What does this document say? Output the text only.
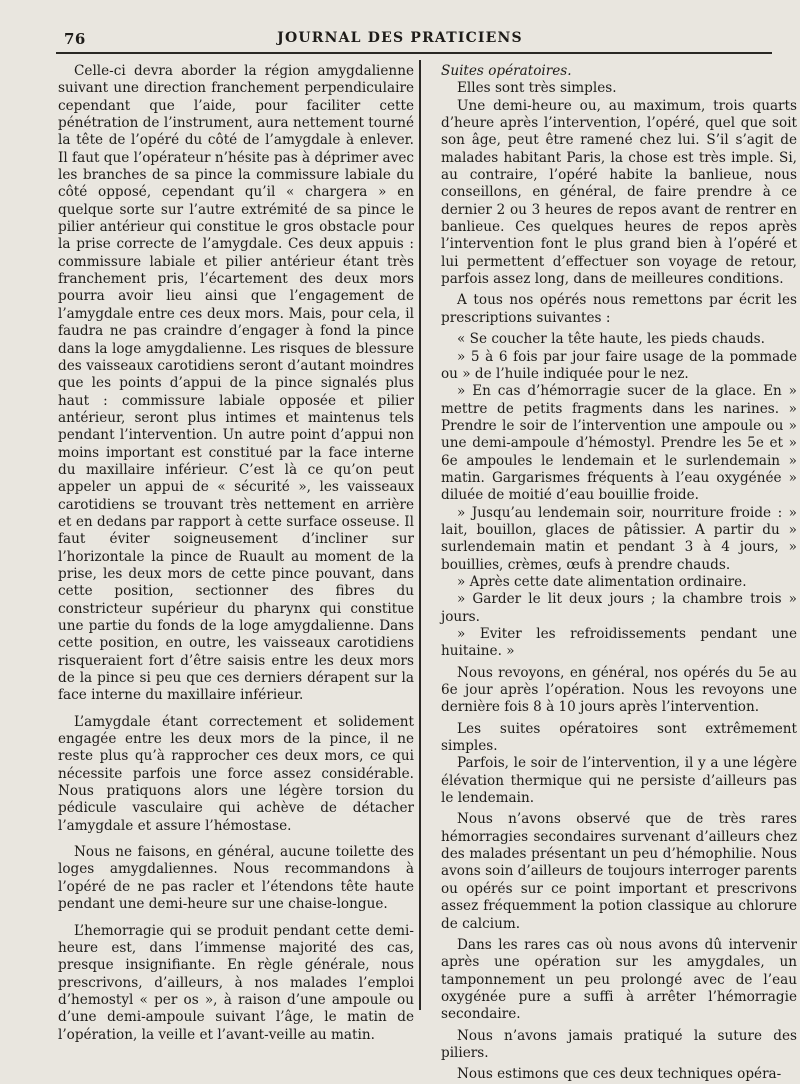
76	JOURNAL DES PRATICIENS

Celle-ci devra aborder la région amygdalienne suivant une direction franchement perpendiculaire cependant que l’aide, pour faciliter cette pénétration de l’instrument, aura nettement tourné la tête de l’opéré du côté de l’amygdale à enlever. Il faut que l’opérateur n’hésite pas à déprimer avec les branches de sa pince la commissure labiale du côté opposé, cependant qu’il « chargera » en quelque sorte sur l’autre extrémité de sa pince le pilier antérieur qui constitue le gros obstacle pour la prise correcte de l’amygdale. Ces deux appuis : commissure labiale et pilier antérieur étant très franchement pris, l’écartement des deux mors pourra avoir lieu ainsi que l’engagement de l’amygdale entre ces deux mors. Mais, pour cela, il faudra ne pas craindre d’engager à fond la pince dans la loge amygdalienne. Les risques de blessure des vaisseaux carotidiens seront d’autant moindres que les points d’appui de la pince signalés plus haut : commissure labiale opposée et pilier antérieur, seront plus intimes et maintenus tels pendant l’intervention. Un autre point d’appui non moins important est constitué par la face interne du maxillaire inférieur. C’est là ce qu’on peut appeler un appui de « sécurité », les vaisseaux carotidiens se trouvant très nettement en arrière et en dedans par rapport à cette surface osseuse. Il faut éviter soigneusement d’incliner sur l’horizontale la pince de Ruault au moment de la prise, les deux mors de cette pince pouvant, dans cette position, sectionner des fibres du constricteur supérieur du pharynx qui constitue une partie du fonds de la loge amygdalienne. Dans cette position, en outre, les vaisseaux carotidiens risqueraient fort d’être saisis entre les deux mors de la pince si peu que ces derniers dérapent sur la face interne du maxillaire inférieur.

L’amygdale étant correctement et solidement engagée entre les deux mors de la pince, il ne reste plus qu’à rapprocher ces deux mors, ce qui nécessite parfois une force assez considérable. Nous pratiquons alors une légère torsion du pédicule vasculaire qui achève de détacher l’amygdale et assure l’hémostase.

Nous ne faisons, en général, aucune toilette des loges amygdaliennes. Nous recommandons à l’opéré de ne pas racler et l’étendons tête haute pendant une demi-heure sur une chaise-longue.

L’hemorragie qui se produit pendant cette demi-heure est, dans l’immense majorité des cas, presque insignifiante. En règle générale, nous prescrivons, d’ailleurs, à nos malades l’emploi d’hemostyl « per os », à raison d’une ampoule ou d’une demi-ampoule suivant l’âge, le matin de l’opération, la veille et l’avant-veille au matin.

Suites opératoires.

Elles sont très simples.

Une demi-heure ou, au maximum, trois quarts d’heure après l’intervention, l’opéré, quel que soit son âge, peut être ramené chez lui. S’il s’agit de malades habitant Paris, la chose est très imple. Si, au contraire, l’opéré habite la banlieue, nous conseillons, en général, de faire prendre à ce dernier 2 ou 3 heures de repos avant de rentrer en banlieue. Ces quelques heures de repos après l’intervention font le plus grand bien à l’opéré et lui permettent d’effectuer son voyage de retour, parfois assez long, dans de meilleures conditions.

A tous nos opérés nous remettons par écrit les prescriptions suivantes :

« Se coucher la tête haute, les pieds chauds.

» 5 à 6 fois par jour faire usage de la pommade ou » de l’huile indiquée pour le nez.

» En cas d’hémorragie sucer de la glace. En » mettre de petits fragments dans les narines. » Prendre le soir de l’intervention une ampoule ou » une demi-ampoule d’hémostyl. Prendre les 5e et » 6e ampoules le lendemain et le surlendemain » matin. Gargarismes fréquents à l’eau oxygénée » diluée de moitié d’eau bouillie froide.

» Jusqu’au lendemain soir, nourriture froide : » lait, bouillon, glaces de pâtissier. A partir du » surlendemain matin et pendant 3 à 4 jours, » bouillies, crèmes, œufs à prendre chauds.

» Après cette date alimentation ordinaire.

» Garder le lit deux jours ; la chambre trois » jours.

» Eviter les refroidissements pendant une huitaine. »

Nous revoyons, en général, nos opérés du 5e au 6e jour après l’opération. Nous les revoyons une dernière fois 8 à 10 jours après l’intervention.

Les suites opératoires sont extrêmement simples.

Parfois, le soir de l’intervention, il y a une légère élévation thermique qui ne persiste d’ailleurs pas le lendemain.

Nous n’avons observé que de très rares hémorragies secondaires survenant d’ailleurs chez des malades présentant un peu d’hémophilie. Nous avons soin d’ailleurs de toujours interroger parents ou opérés sur ce point important et prescrivons assez fréquemment la potion classique au chlorure de calcium.

Dans les rares cas où nous avons dû intervenir après une opération sur les amygdales, un tamponnement un peu prolongé avec de l’eau oxygénée pure a suffi à arrêter l’hémorragie secondaire.

Nous n’avons jamais pratiqué la suture des piliers.

Nous estimons que ces deux techniques opéra-
